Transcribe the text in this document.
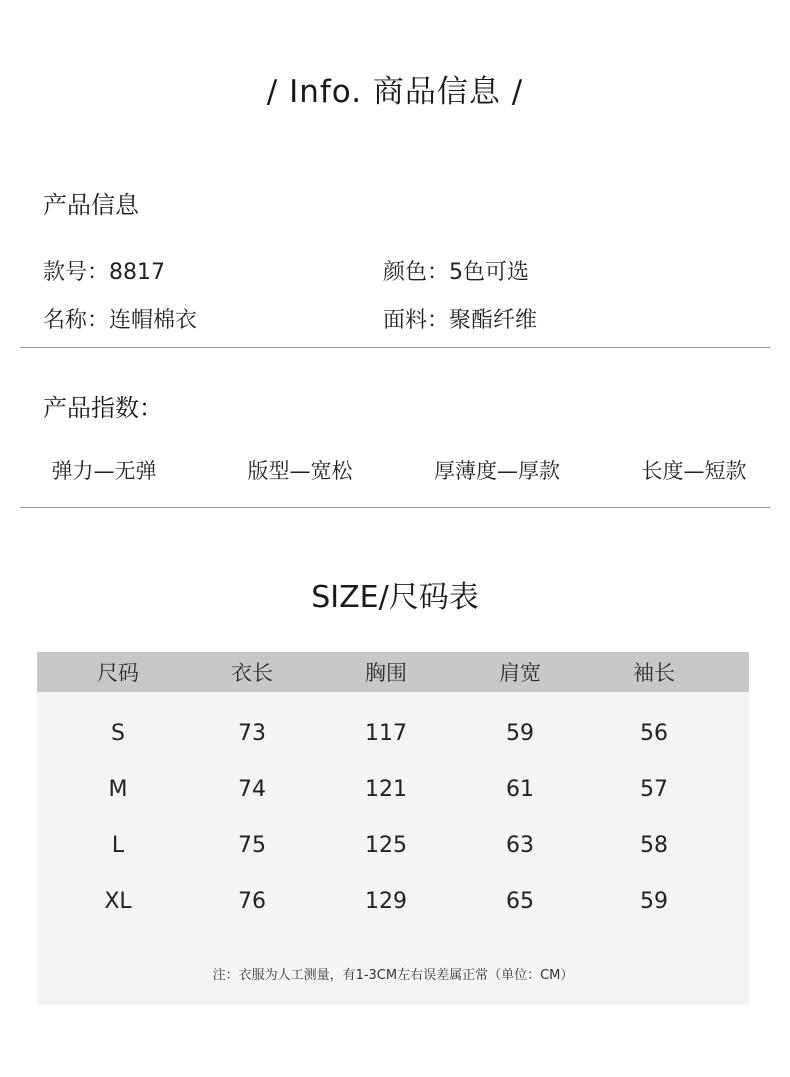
/ Info. 商品信息 /
产品信息
款号：8817	颜色：5色可选
名称：连帽棉衣	面料：聚酯纤维
产品指数：
弹力—无弹	版型—宽松	厚薄度—厚款	长度—短款
SIZE/尺码表
尺码	衣长	胸围	肩宽	袖长
S	73	117	59	56
M	74	121	61	57
L	75	125	63	58
XL	76	129	65	59
注：衣服为人工测量，有1-3CM左右误差属正常（单位：CM）
